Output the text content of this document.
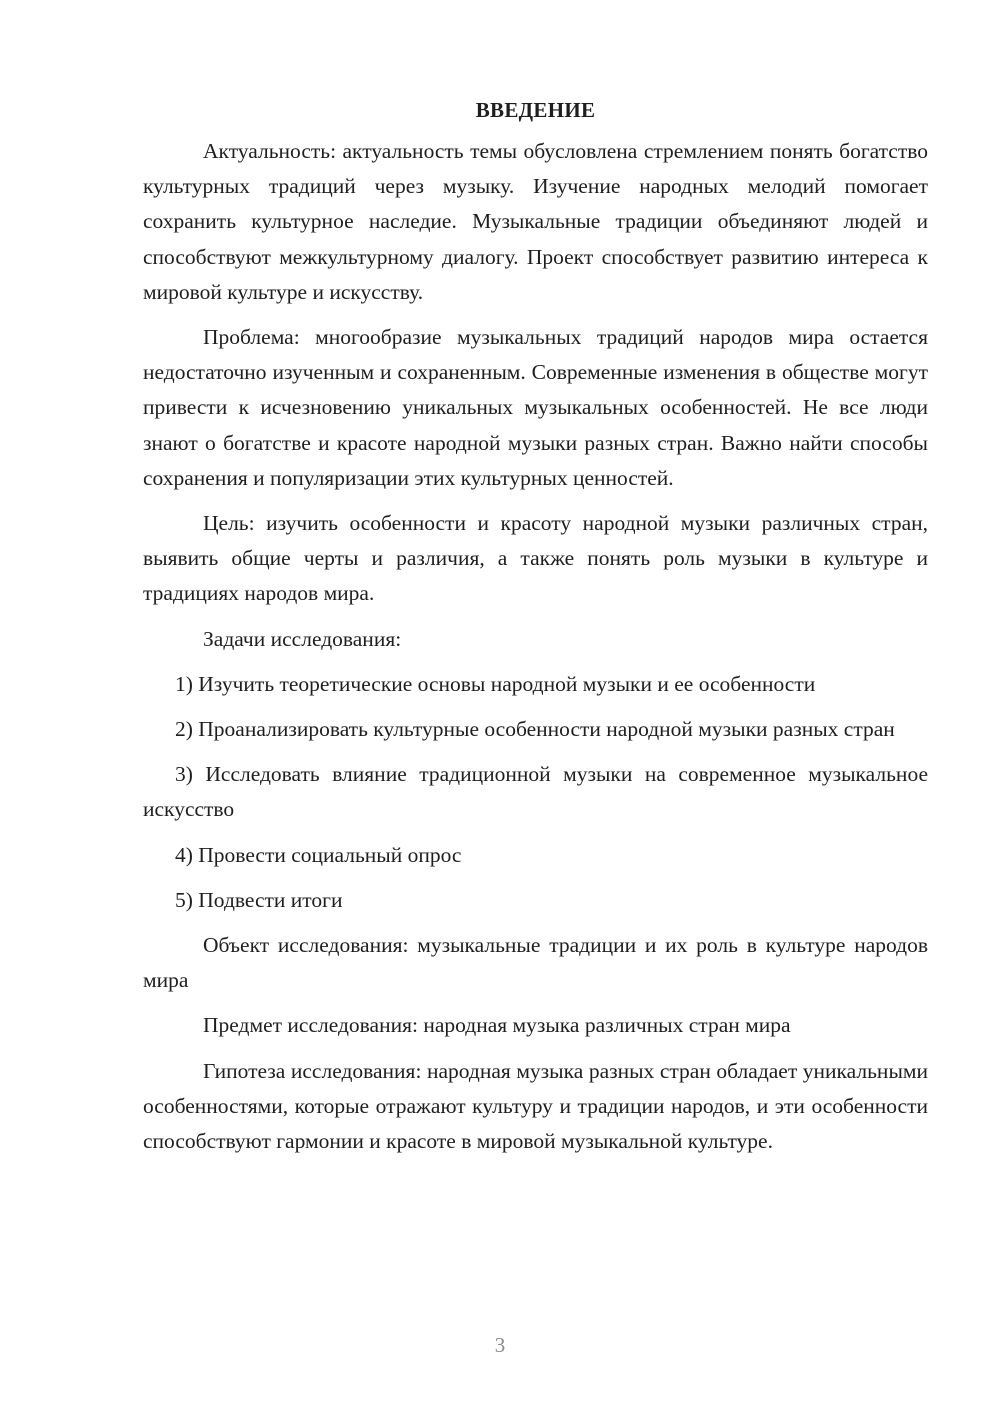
ВВЕДЕНИЕ

Актуальность: актуальность темы обусловлена стремлением понять богатство культурных традиций через музыку. Изучение народных мелодий помогает сохранить культурное наследие. Музыкальные традиции объединяют людей и способствуют межкультурному диалогу. Проект способствует развитию интереса к мировой культуре и искусству.

Проблема: многообразие музыкальных традиций народов мира остается недостаточно изученным и сохраненным. Современные изменения в обществе могут привести к исчезновению уникальных музыкальных особенностей. Не все люди знают о богатстве и красоте народной музыки разных стран. Важно найти способы сохранения и популяризации этих культурных ценностей.

Цель: изучить особенности и красоту народной музыки различных стран, выявить общие черты и различия, а также понять роль музыки в культуре и традициях народов мира.

Задачи исследования:

1) Изучить теоретические основы народной музыки и ее особенности

2) Проанализировать культурные особенности народной музыки разных стран

3) Исследовать влияние традиционной музыки на современное музыкальное искусство

4) Провести социальный опрос

5) Подвести итоги

Объект исследования: музыкальные традиции и их роль в культуре народов мира

Предмет исследования: народная музыка различных стран мира

Гипотеза исследования: народная музыка разных стран обладает уникальными особенностями, которые отражают культуру и традиции народов, и эти особенности способствуют гармонии и красоте в мировой музыкальной культуре.

3
